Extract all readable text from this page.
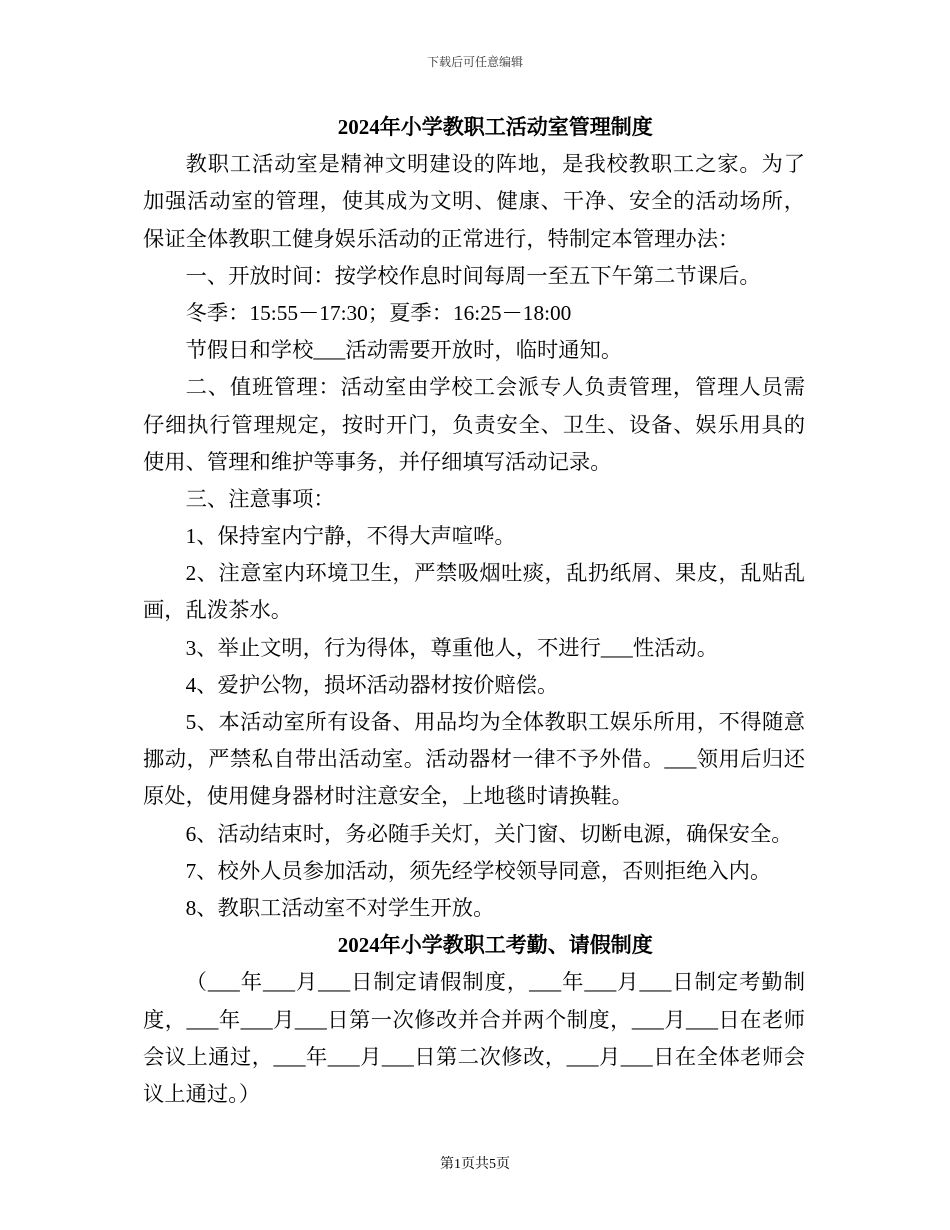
下载后可任意编辑
2024年小学教职工活动室管理制度
教职工活动室是精神文明建设的阵地，是我校教职工之家。为了
加强活动室的管理，使其成为文明、健康、干净、安全的活动场所，
保证全体教职工健身娱乐活动的正常进行，特制定本管理办法：
一、开放时间：按学校作息时间每周一至五下午第二节课后。
冬季：15:55－17:30；夏季：16:25－18:00
节假日和学校___活动需要开放时，临时通知。
二、值班管理：活动室由学校工会派专人负责管理，管理人员需
仔细执行管理规定，按时开门，负责安全、卫生、设备、娱乐用具的
使用、管理和维护等事务，并仔细填写活动记录。
三、注意事项：
1、保持室内宁静，不得大声喧哗。
2、注意室内环境卫生，严禁吸烟吐痰，乱扔纸屑、果皮，乱贴乱
画，乱泼茶水。
3、举止文明，行为得体，尊重他人，不进行___性活动。
4、爱护公物，损坏活动器材按价赔偿。
5、本活动室所有设备、用品均为全体教职工娱乐所用，不得随意
挪动，严禁私自带出活动室。活动器材一律不予外借。___领用后归还
原处，使用健身器材时注意安全，上地毯时请换鞋。
6、活动结束时，务必随手关灯，关门窗、切断电源，确保安全。
7、校外人员参加活动，须先经学校领导同意，否则拒绝入内。
8、教职工活动室不对学生开放。
2024年小学教职工考勤、请假制度
（___年___月___日制定请假制度，___年___月___日制定考勤制
度，___年___月___日第一次修改并合并两个制度，___月___日在老师
会议上通过，___年___月___日第二次修改，___月___日在全体老师会
议上通过。）
第1页共5页
